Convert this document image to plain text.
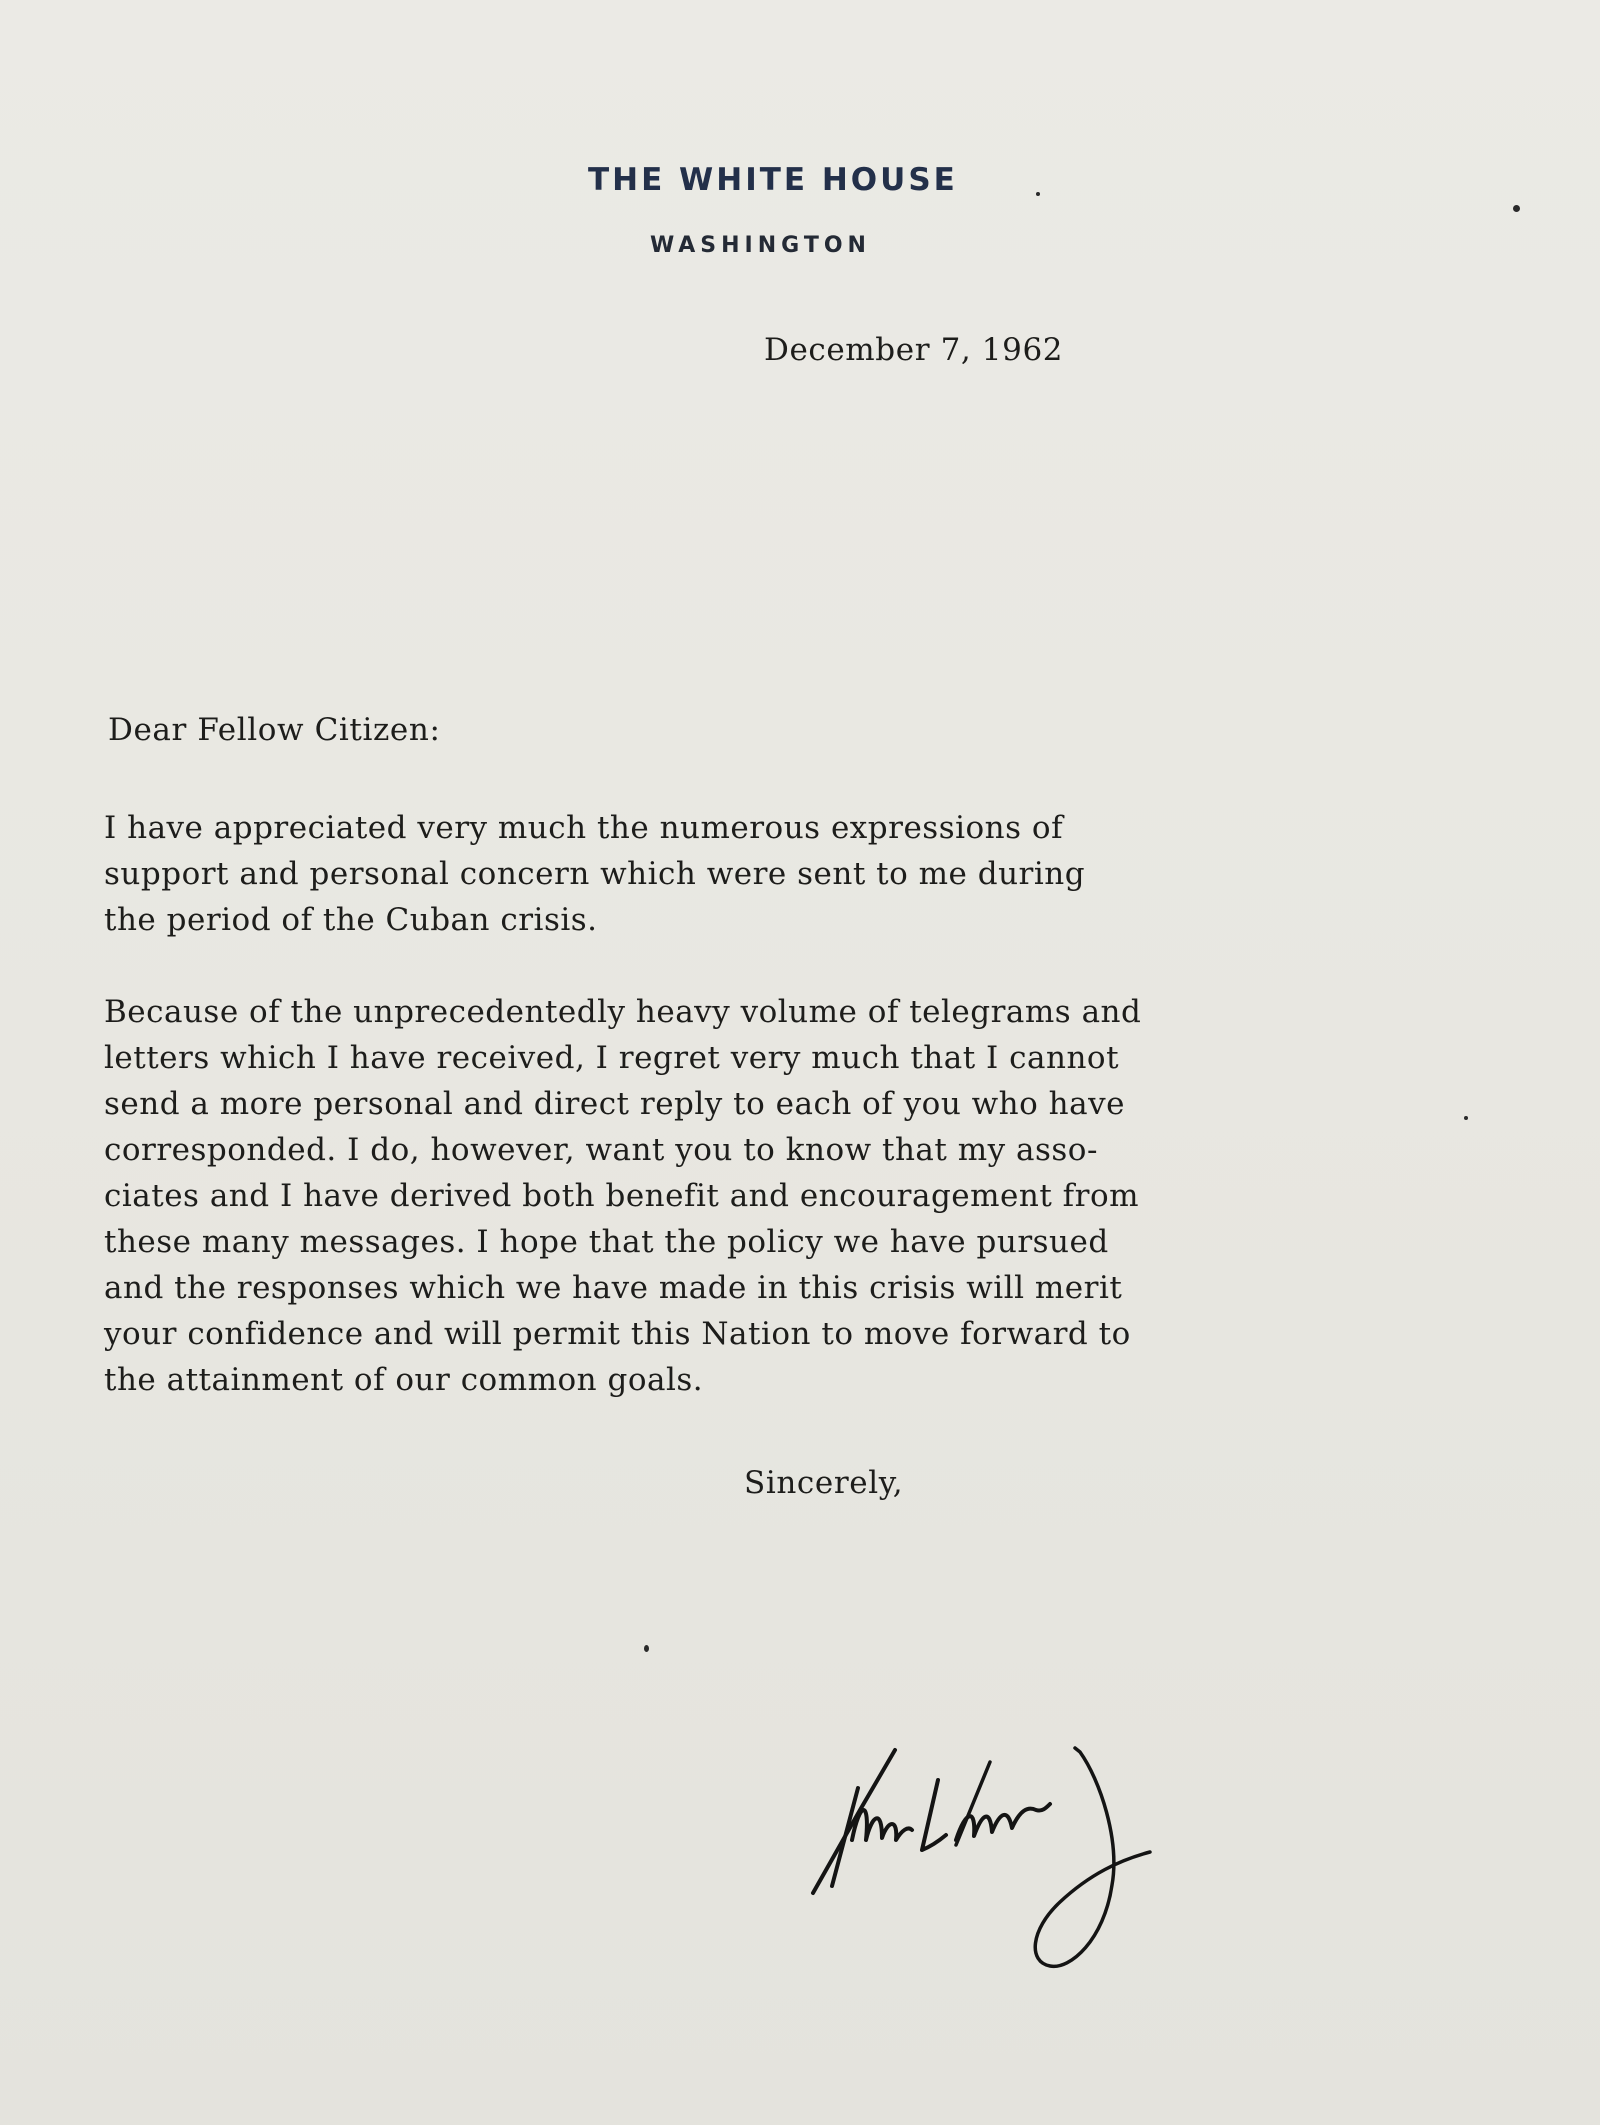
THE WHITE HOUSE
WASHINGTON
December 7, 1962
Dear Fellow Citizen:
I have appreciated very much the numerous expressions of
support and personal concern which were sent to me during
the period of the Cuban crisis.
Because of the unprecedentedly heavy volume of telegrams and
letters which I have received, I regret very much that I cannot
send a more personal and direct reply to each of you who have
corresponded. I do, however, want you to know that my asso-
ciates and I have derived both benefit and encouragement from
these many messages. I hope that the policy we have pursued
and the responses which we have made in this crisis will merit
your confidence and will permit this Nation to move forward to
the attainment of our common goals.
Sincerely,
